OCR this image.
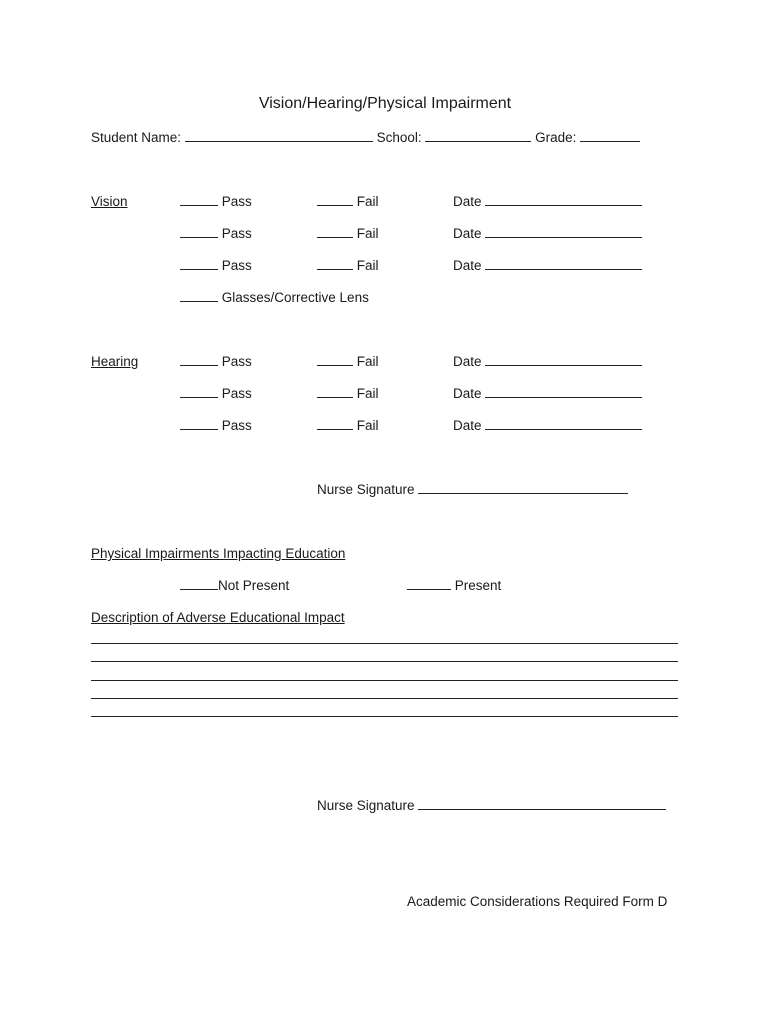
Vision/Hearing/Physical Impairment
Student Name:	School:	Grade:
Vision	Pass	Fail	Date
Pass	Fail	Date
Pass	Fail	Date
Glasses/Corrective Lens
Hearing	Pass	Fail	Date
Pass	Fail	Date
Pass	Fail	Date
Nurse Signature
Physical Impairments Impacting Education
Not Present	Present
Description of Adverse Educational Impact
Nurse Signature
Academic Considerations Required Form D
